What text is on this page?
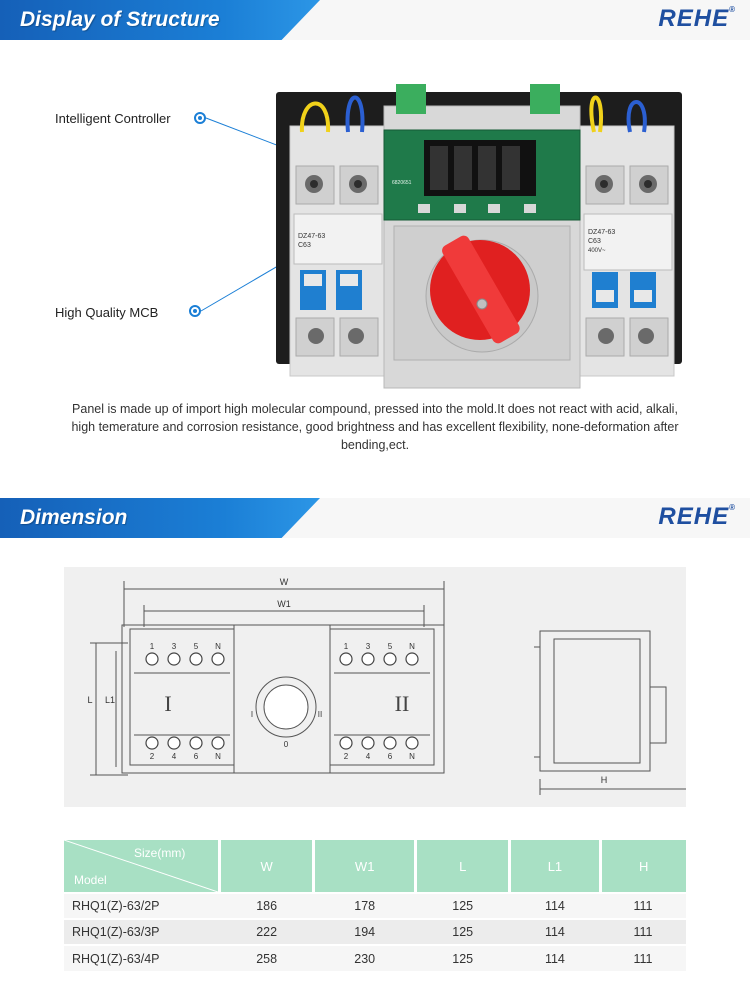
Display of Structure	REHE®
Intelligent Controller
High Quality MCB
DZ47-63
C63
DZ47-63
C63
400V~
6820651
Panel is made up of import high molecular compound, pressed into the mold.It does not react with acid, alkali, high temerature and corrosion resistance, good brightness and has excellent flexibility, none-deformation after bending,ect.
Dimension	REHE®
1 3 5 N
2 4 6 N
1 3 5 N
2 4 6 N
I	II
I
0
II
W
W1
L L1
H
Size(mm)
Model	W	W1	L	L1	H
RHQ1(Z)-63/2P	186	178	125	114	111
RHQ1(Z)-63/3P	222	194	125	114	111
RHQ1(Z)-63/4P	258	230	125	114	111
